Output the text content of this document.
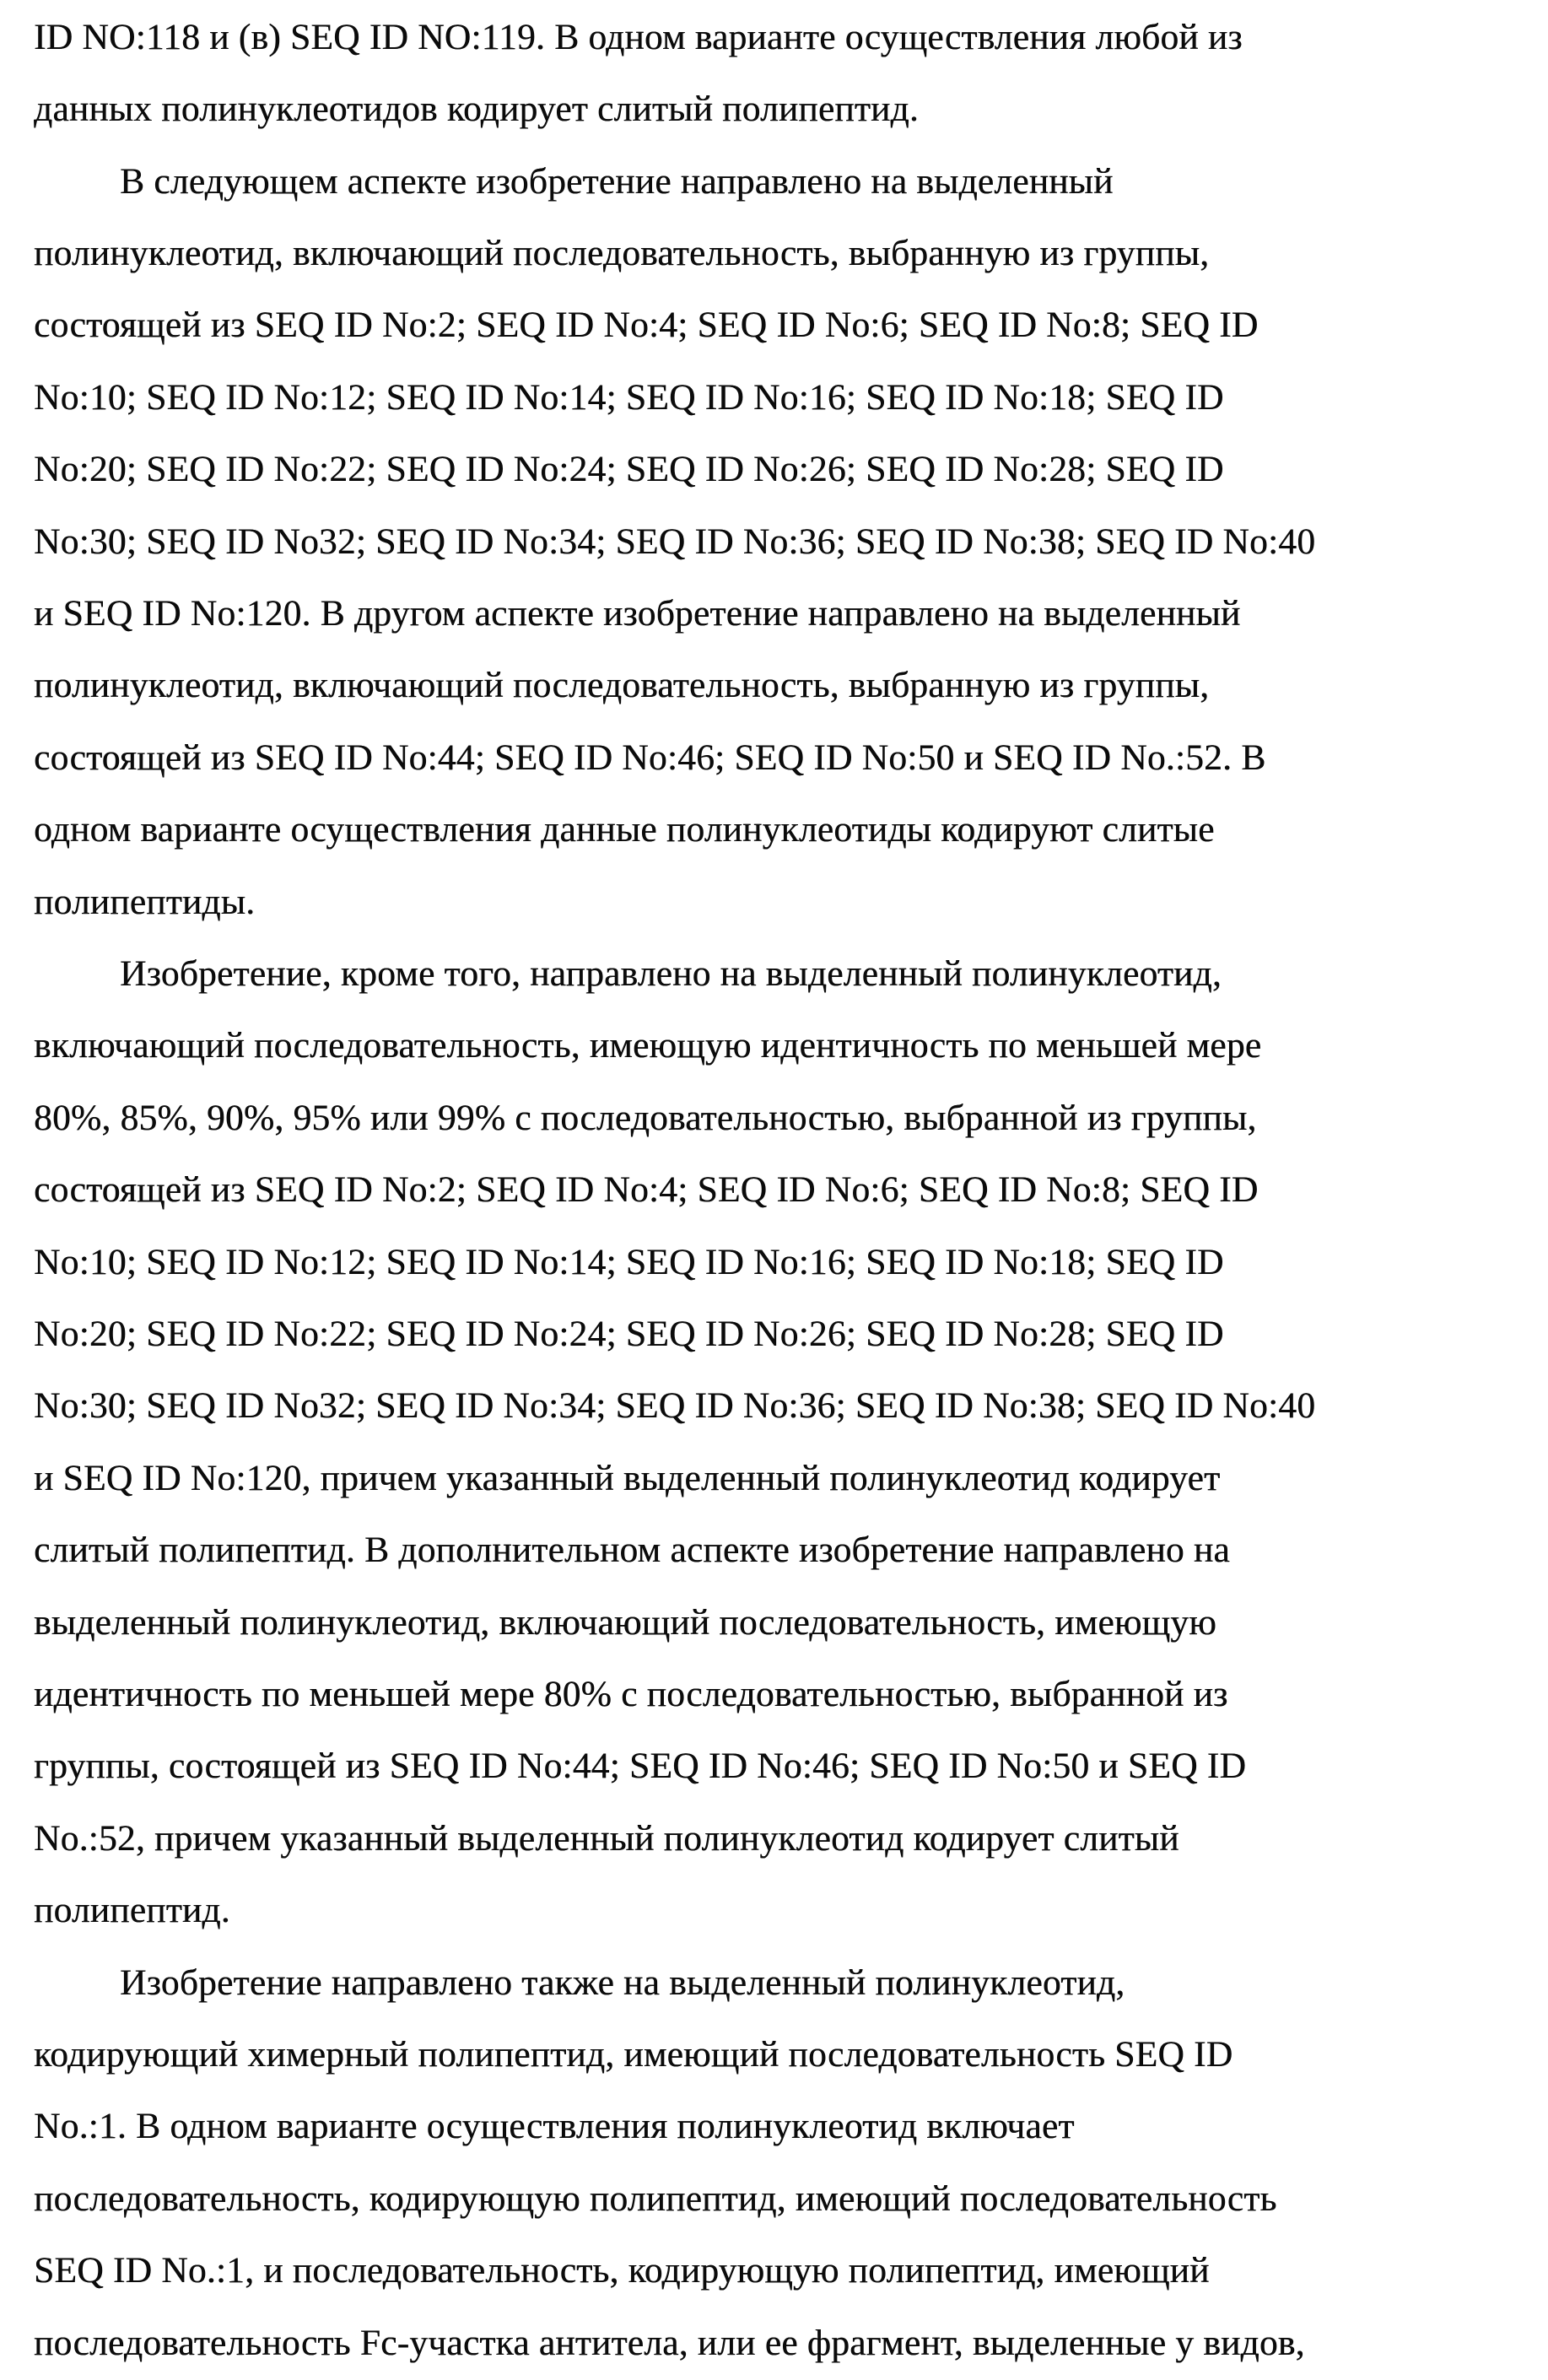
ID NO:118 и (в) SEQ ID NO:119. В одном варианте осуществления любой из
данных полинуклеотидов кодирует слитый полипептид.
В следующем аспекте изобретение направлено на выделенный
полинуклеотид, включающий последовательность, выбранную из группы,
состоящей из SEQ ID No:2; SEQ ID No:4; SEQ ID No:6; SEQ ID No:8; SEQ ID
No:10; SEQ ID No:12; SEQ ID No:14; SEQ ID No:16; SEQ ID No:18; SEQ ID
No:20; SEQ ID No:22; SEQ ID No:24; SEQ ID No:26; SEQ ID No:28; SEQ ID
No:30; SEQ ID No32; SEQ ID No:34; SEQ ID No:36; SEQ ID No:38; SEQ ID No:40
и SEQ ID No:120. В другом аспекте изобретение направлено на выделенный
полинуклеотид, включающий последовательность, выбранную из группы,
состоящей из SEQ ID No:44; SEQ ID No:46; SEQ ID No:50 и SEQ ID No.:52. В
одном варианте осуществления данные полинуклеотиды кодируют слитые
полипептиды.
Изобретение, кроме того, направлено на выделенный полинуклеотид,
включающий последовательность, имеющую идентичность по меньшей мере
80%, 85%, 90%, 95% или 99% с последовательностью, выбранной из группы,
состоящей из SEQ ID No:2; SEQ ID No:4; SEQ ID No:6; SEQ ID No:8; SEQ ID
No:10; SEQ ID No:12; SEQ ID No:14; SEQ ID No:16; SEQ ID No:18; SEQ ID
No:20; SEQ ID No:22; SEQ ID No:24; SEQ ID No:26; SEQ ID No:28; SEQ ID
No:30; SEQ ID No32; SEQ ID No:34; SEQ ID No:36; SEQ ID No:38; SEQ ID No:40
и SEQ ID No:120, причем указанный выделенный полинуклеотид кодирует
слитый полипептид. В дополнительном аспекте изобретение направлено на
выделенный полинуклеотид, включающий последовательность, имеющую
идентичность по меньшей мере 80% с последовательностью, выбранной из
группы, состоящей из SEQ ID No:44; SEQ ID No:46; SEQ ID No:50 и SEQ ID
No.:52, причем указанный выделенный полинуклеотид кодирует слитый
полипептид.
Изобретение направлено также на выделенный полинуклеотид,
кодирующий химерный полипептид, имеющий последовательность SEQ ID
No.:1. В одном варианте осуществления полинуклеотид включает
последовательность, кодирующую полипептид, имеющий последовательность
SEQ ID No.:1, и последовательность, кодирующую полипептид, имеющий
последовательность Fc-участка антитела, или ее фрагмент, выделенные у видов,
